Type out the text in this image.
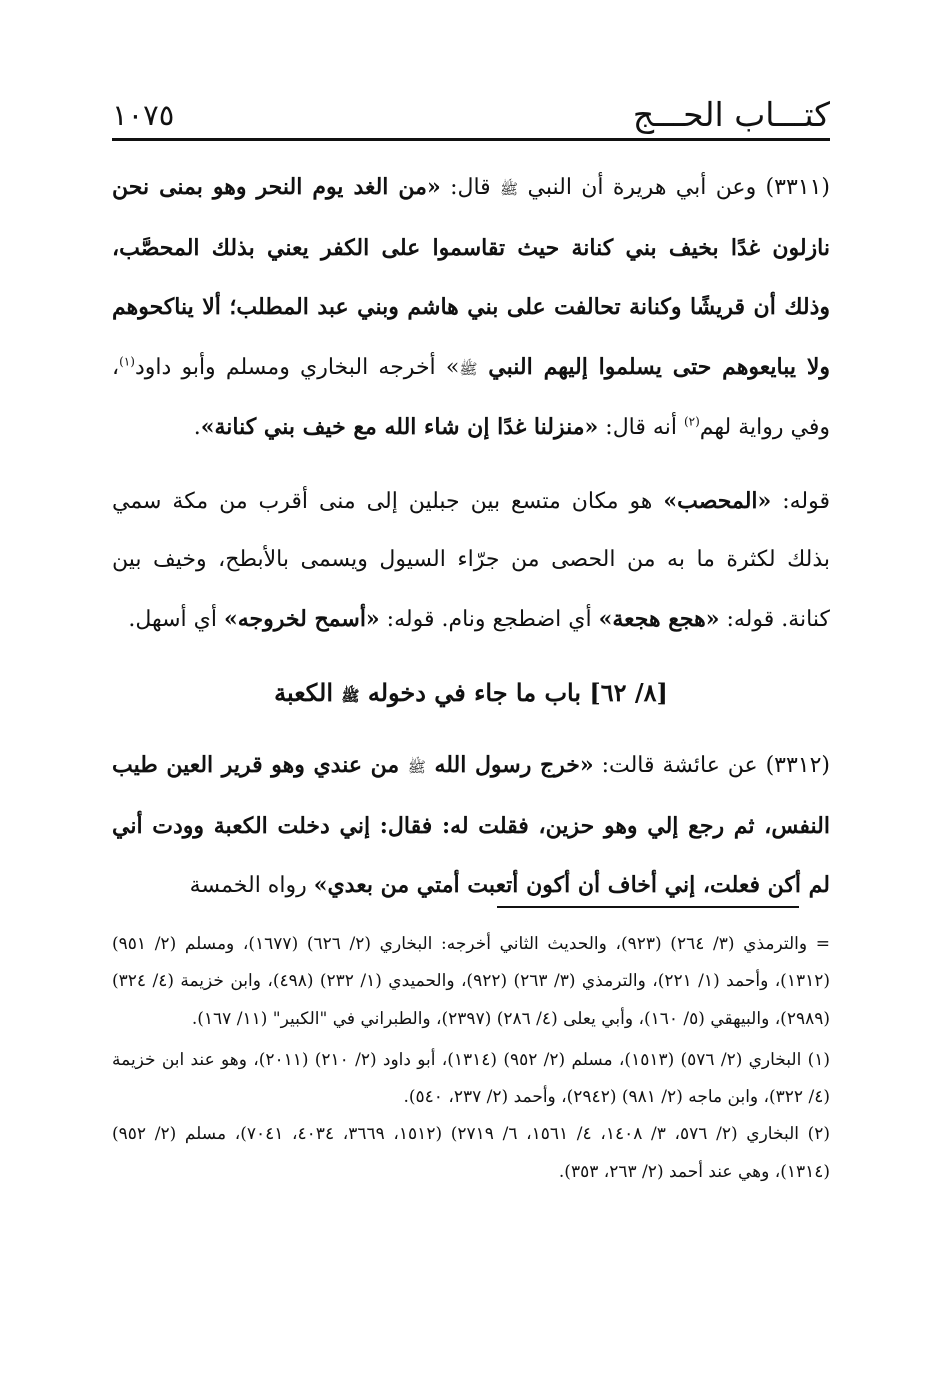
كتـــاب الحـــج
١٠٧٥

(٣٣١١) وعن أبي هريرة أن النبي ﷺ قال: «من الغد يوم النحر وهو بمنى نحن نازلون غدًا بخيف بني كنانة حيث تقاسموا على الكفر يعني بذلك المحصَّب، وذلك أن قريشًا وكنانة تحالفت على بني هاشم وبني عبد المطلب؛ ألا يناكحوهم ولا يبايعوهم حتى يسلموا إليهم النبي ﷺ» أخرجه البخاري ومسلم وأبو داود$^{(١)}$، وفي رواية لهم$^{(٢)}$ أنه قال: «منزلنا غدًا إن شاء الله مع خيف بني كنانة».

قوله: «المحصب» هو مكان متسع بين جبلين إلى منى أقرب من مكة سمي بذلك لكثرة ما به من الحصى من جرّاء السيول ويسمى بالأبطح، وخيف بين كنانة. قوله: «هجع هجعة» أي اضطجع ونام. قوله: «أسمح لخروجه» أي أسهل.

[٨/ ٦٢] باب ما جاء في دخوله ﷺ الكعبة

(٣٣١٢) عن عائشة قالت: «خرج رسول الله ﷺ من عندي وهو قرير العين طيب النفس، ثم رجع إلي وهو حزين، فقلت له: فقال: إني دخلت الكعبة وودت أني لم أكن فعلت، إني أخاف أن أكون أتعبت أمتي من بعدي» رواه الخمسة

= والترمذي (٣/ ٢٦٤) (٩٢٣)، والحديث الثاني أخرجه: البخاري (٢/ ٦٢٦) (١٦٧٧)، ومسلم (٢/ ٩٥١) (١٣١٢)، وأحمد (١/ ٢٢١)، والترمذي (٣/ ٢٦٣) (٩٢٢)، والحميدي (١/ ٢٣٢) (٤٩٨)، وابن خزيمة (٤/ ٣٢٤) (٢٩٨٩)، والبيهقي (٥/ ١٦٠)، وأبي يعلى (٤/ ٢٨٦) (٢٣٩٧)، والطبراني في "الكبير" (١١/ ١٦٧).

(١) البخاري (٢/ ٥٧٦) (١٥١٣)، مسلم (٢/ ٩٥٢) (١٣١٤)، أبو داود (٢/ ٢١٠) (٢٠١١)، وهو عند ابن خزيمة (٤/ ٣٢٢)، وابن ماجه (٢/ ٩٨١) (٢٩٤٢)، وأحمد (٢/ ٢٣٧، ٥٤٠).

(٢) البخاري (٢/ ٥٧٦، ٣/ ١٤٠٨، ٤/ ١٥٦١، ٦/ ٢٧١٩) (١٥١٢، ٣٦٦٩، ٤٠٣٤، ٧٠٤١)، مسلم (٢/ ٩٥٢) (١٣١٤)، وهي عند أحمد (٢/ ٢٦٣، ٣٥٣).
